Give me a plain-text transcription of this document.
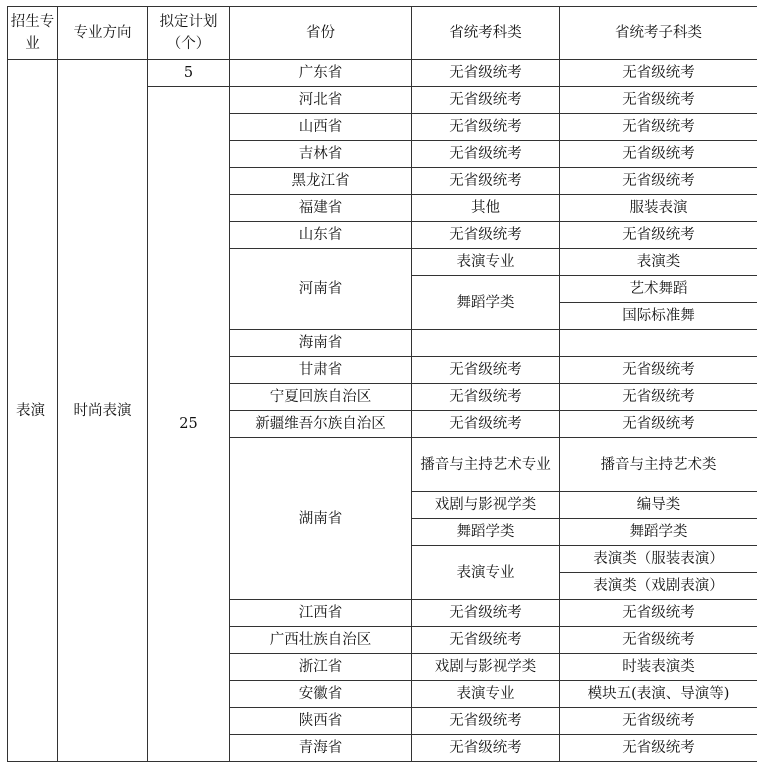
招生专业	专业方向	拟定计划（个）	省份	省统考科类	省统考子科类
表演	时尚表演	5	广东省	无省级统考	无省级统考
		25	河北省	无省级统考	无省级统考
			山西省	无省级统考	无省级统考
			吉林省	无省级统考	无省级统考
			黑龙江省	无省级统考	无省级统考
			福建省	其他	服装表演
			山东省	无省级统考	无省级统考
			河南省	表演专业	表演类
				舞蹈学类	艺术舞蹈
					国际标准舞
			海南省		
			甘肃省	无省级统考	无省级统考
			宁夏回族自治区	无省级统考	无省级统考
			新疆维吾尔族自治区	无省级统考	无省级统考
			湖南省	播音与主持艺术专业	播音与主持艺术类
				戏剧与影视学类	编导类
				舞蹈学类	舞蹈学类
				表演专业	表演类（服装表演）
					表演类（戏剧表演）
			江西省	无省级统考	无省级统考
			广西壮族自治区	无省级统考	无省级统考
			浙江省	戏剧与影视学类	时装表演类
			安徽省	表演专业	模块五(表演、导演等)
			陕西省	无省级统考	无省级统考
			青海省	无省级统考	无省级统考
